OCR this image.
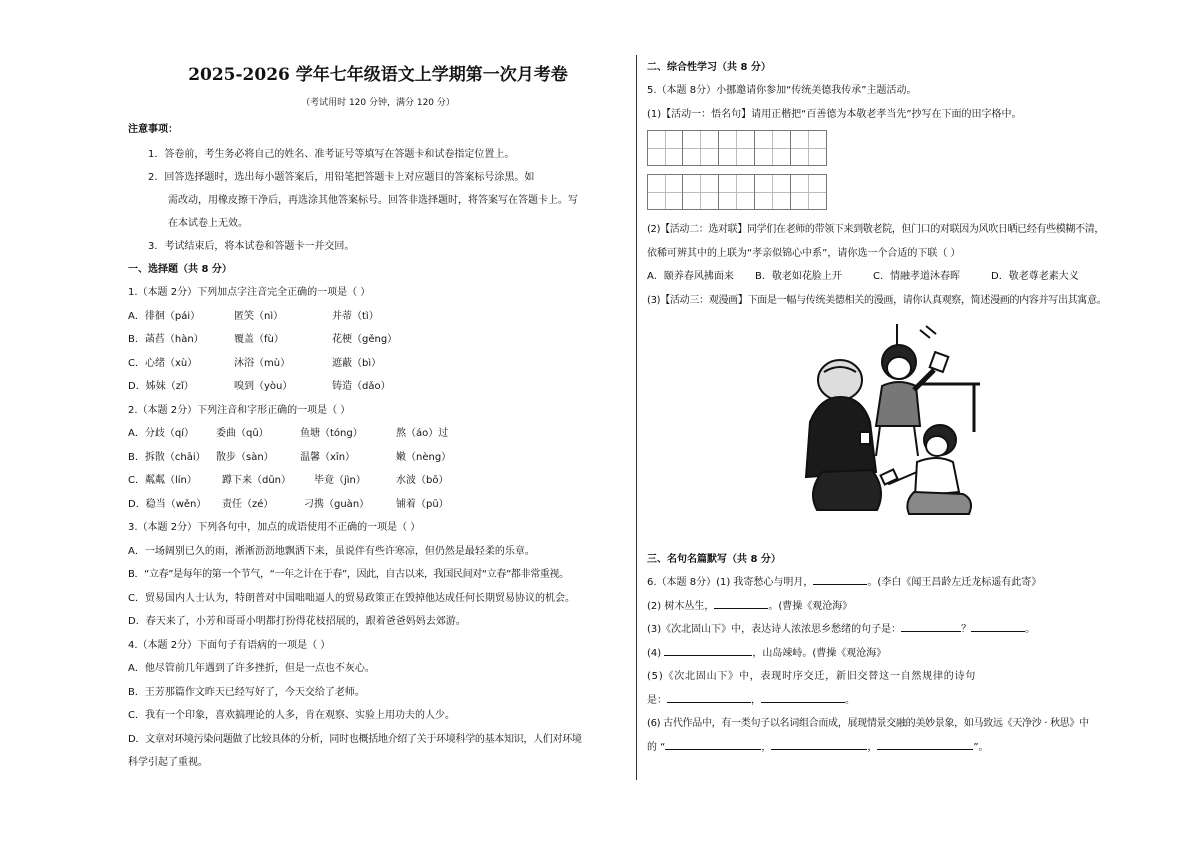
2025-2026 学年七年级语文上学期第一次月考卷
（考试用时 120 分钟，满分 120 分）
注意事项：
1．答卷前，考生务必将自己的姓名、准考证号等填写在答题卡和试卷指定位置上。
2．回答选择题时，选出每小题答案后，用铅笔把答题卡上对应题目的答案标号涂黑。如
需改动，用橡皮擦干净后，再选涂其他答案标号。回答非选择题时，将答案写在答题卡上。写
在本试卷上无效。
3．考试结束后，将本试卷和答题卡一并交回。
一、选择题（共 8 分）
1.（本题 2分）下列加点字注音完全正确的一项是（ ）
A．徘徊（pái）	匿笑（nì）	并蒂（tì）
B．菡萏（hàn）	覆盖（fù）	花梗（gěng）
C．心绪（xù）	沐浴（mù）	遮蔽（bì）
D．姊妹（zǐ）	嗅到（yòu）	铸造（dǎo）
2.（本题 2分）下列注音和字形正确的一项是（ ）
A．分歧（qí） 委曲（qū）	鱼塘（tóng）	熬（áo）过
B．拆散（chāi） 散步（sàn）	温馨（xīn）	嫩（nèng）
C．粼粼（lín）	蹲下来（dūn） 毕竟（jìn）	水波（bō）
D．稳当（wěn） 责任（zé）	刁携（guàn）	铺着（pū）
3.（本题 2分）下列各句中，加点的成语使用不正确的一项是（ ）
A．一场阔别已久的雨，淅淅沥沥地飘洒下来，虽说伴有些许寒凉，但仍然是最轻柔的乐章。
B．“立春”是每年的第一个节气，“一年之计在于春”，因此，自古以来，我国民间对“立春”都非常重视。
C．贸易国内人士认为，特朗普对中国咄咄逼人的贸易政策正在毁掉他达成任何长期贸易协议的机会。
D．春天来了，小芳和哥哥小明都打扮得花枝招展的，跟着爸爸妈妈去郊游。
4.（本题 2分）下面句子有语病的一项是（ ）
A．他尽管前几年遇到了许多挫折，但是一点也不灰心。
B．王芳那篇作文昨天已经写好了，今天交给了老师。
C．我有一个印象，喜欢搞理论的人多，肯在观察、实验上用功夫的人少。
D．文章对环境污染问题做了比较具体的分析，同时也概括地介绍了关于环境科学的基本知识，人们对环境
科学引起了重视。
二、综合性学习（共 8 分）
5.（本题 8分）小挪邀请你参加“传统美德我传承”主题活动。
(1)【活动一：悟名句】请用正楷把“百善德为本敬老孝当先”抄写在下面的田字格中。
(2)【活动二：选对联】同学们在老师的带领下来到敬老院，但门口的对联因为风吹日晒已经有些模糊不清，
依稀可辨其中的上联为“孝亲似锦心中系”，请你选一个合适的下联（ ）
A．颐养春风拂面来 B．敬老如花脸上开	C．情融孝道沐春晖	D．敬老尊老素大义
(3)【活动三：观漫画】下面是一幅与传统美德相关的漫画，请你认真观察，简述漫画的内容并写出其寓意。
三、名句名篇默写（共 8 分）
6.（本题 8分）(1) 我寄愁心与明月，	。(李白《闻王昌龄左迁龙标遥有此寄》
(2) 树木丛生，	。(曹操《观沧海》
(3)《次北固山下》中，表达诗人浓浓思乡愁绪的句子是：	？	。
(4)	，山岛竦峙。(曹操《观沧海》
( 5 ) 《 次 北 固 山 下 》 中 ， 表 现 时 序 交 迁 ， 新 旧 交 替 这 一 自 然 规 律 的 诗 句
是：	，	。
(6) 古代作品中，有一类句子以名词组合而成，展现情景交融的美妙景象，如马致远《天净沙 · 秋思》中
的 “	，	，	”。
